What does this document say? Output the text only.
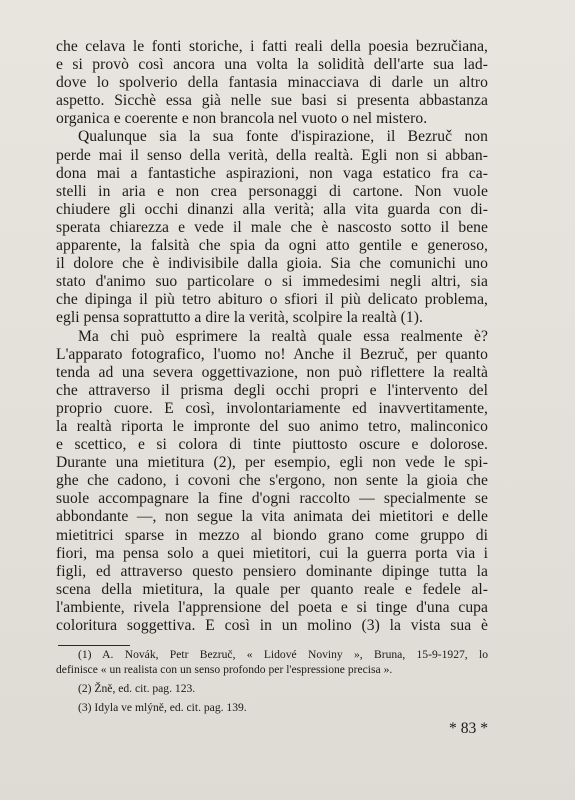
che celava le fonti storiche, i fatti reali della poesia bezručiana,
e si provò così ancora una volta la solidità dell'arte sua lad-
dove lo spolverio della fantasia minacciava di darle un altro
aspetto. Sicchè essa già nelle sue basi si presenta abbastanza
organica e coerente e non brancola nel vuoto o nel mistero.
Qualunque sia la sua fonte d'ispirazione, il Bezruč non
perde mai il senso della verità, della realtà. Egli non si abban-
dona mai a fantastiche aspirazioni, non vaga estatico fra ca-
stelli in aria e non crea personaggi di cartone. Non vuole
chiudere gli occhi dinanzi alla verità; alla vita guarda con di-
sperata chiarezza e vede il male che è nascosto sotto il bene
apparente, la falsità che spia da ogni atto gentile e generoso,
il dolore che è indivisibile dalla gioia. Sia che comunichi uno
stato d'animo suo particolare o si immedesimi negli altri, sia
che dipinga il più tetro abituro o sfiori il più delicato problema,
egli pensa soprattutto a dire la verità, scolpire la realtà (1).
Ma chi può esprimere la realtà quale essa realmente è?
L'apparato fotografico, l'uomo no! Anche il Bezruč, per quanto
tenda ad una severa oggettivazione, non può riflettere la realtà
che attraverso il prisma degli occhi propri e l'intervento del
proprio cuore. E così, involontariamente ed inavvertitamente,
la realtà riporta le impronte del suo animo tetro, malinconico
e scettico, e si colora di tinte piuttosto oscure e dolorose.
Durante una mietitura (2), per esempio, egli non vede le spi-
ghe che cadono, i covoni che s'ergono, non sente la gioia che
suole accompagnare la fine d'ogni raccolto — specialmente se
abbondante —, non segue la vita animata dei mietitori e delle
mietitrici sparse in mezzo al biondo grano come gruppo di
fiori, ma pensa solo a quei mietitori, cui la guerra porta via i
figli, ed attraverso questo pensiero dominante dipinge tutta la
scena della mietitura, la quale per quanto reale e fedele al-
l'ambiente, rivela l'apprensione del poeta e si tinge d'una cupa
coloritura soggettiva. E così in un molino (3) la vista sua è
(1) A. Novák, Petr Bezruč, « Lidové Noviny », Bruna, 15-9-1927, lo
definisce « un realista con un senso profondo per l'espressione precisa ».
(2) Žně, ed. cit. pag. 123.
(3) Idyla ve mlýně, ed. cit. pag. 139.
* 83 *
